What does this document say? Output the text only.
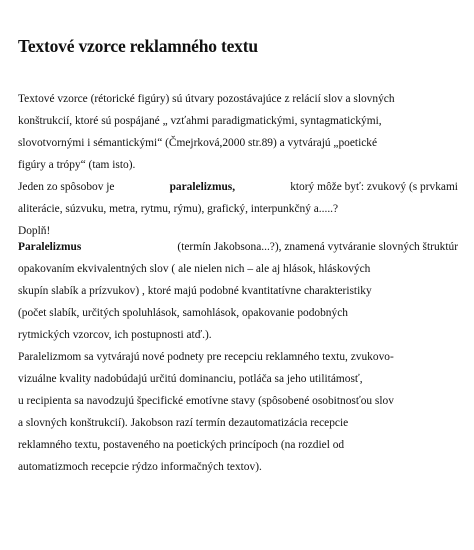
Textové vzorce reklamného textu
Textové vzorce (rétorické figúry) sú útvary pozostávajúce z relácií slov a slovných
konštrukcií, ktoré sú pospájané „ vzťahmi paradigmatickými, syntagmatickými,
slovotvornými i sémantickými“ (Čmejrková,2000 str.89) a vytvárajú „poetické
figúry a trópy“ (tam isto).
Jeden zo spôsobov je	paralelizmus,	ktorý môže byť: zvukový (s prvkami
aliterácie, súzvuku, metra, rytmu, rýmu), grafický, interpunkčný a.....?
Doplň!
Paralelizmus	(termín Jakobsona...?), znamená vytváranie slovných štruktúr
opakovaním ekvivalentných slov ( ale nielen nich – ale aj hlások, hláskových
skupín slabík a prízvukov) , ktoré majú podobné kvantitatívne charakteristiky
(počet slabík, určitých spoluhlások, samohlások, opakovanie podobných
rytmických vzorcov, ich postupnosti atď.).
Paralelizmom sa vytvárajú nové podnety pre recepciu reklamného textu, zvukovo-
vizuálne kvality nadobúdajú určitú dominanciu, potláča sa jeho utilitámosť,
u recipienta sa navodzujú špecifické emotívne stavy (spôsobené osobitnosťou slov
a slovných konštrukcií). Jakobson razí termín dezautomatizácia recepcie
reklamného textu, postaveného na poetických princípoch (na rozdiel od
automatizmoch recepcie rýdzo informačných textov).
